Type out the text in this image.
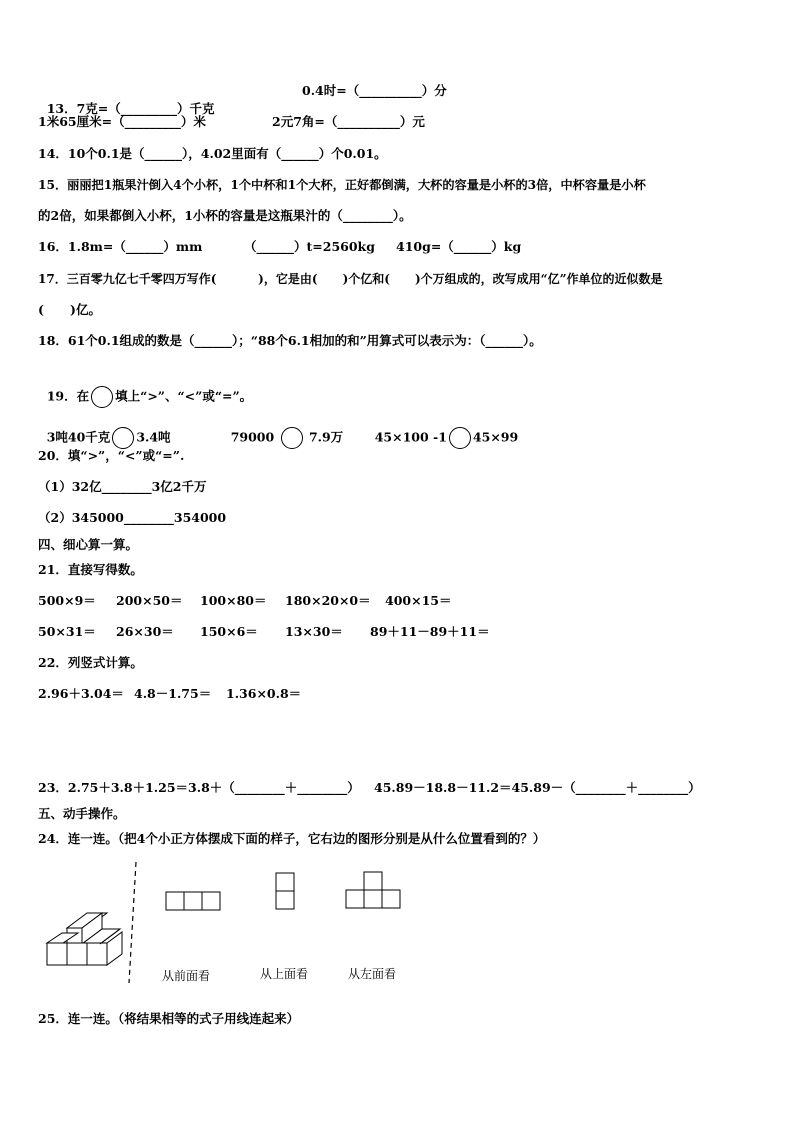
13．7克=（_________）千克

0.4时=（__________）分
1米65厘米=（_________）米	2元7角=（__________）元
14．10个0.1是（______），4.02里面有（______）个0.01。
15．丽丽把1瓶果汁倒入4个小杯，1个中杯和1个大杯，正好都倒满，大杯的容量是小杯的3倍，中杯容量是小杯
的2倍，如果都倒入小杯，1小杯的容量是这瓶果汁的（________）。
16．1.8m=（______）mm	（______）t=2560kg 410g=（______）kg
17．三百零九亿七千零四万写作(          )，它是由(      )个亿和(      )个万组成的，改写成用“亿”作单位的近似数是
(      )亿。
18．61个0.1组成的数是（______）；“88个6.1相加的和”用算式可以表示为：（______）。

19．在 填上“>”、“<”或“=”。

3吨40千克 3.4吨	79000	7.9万	45×100 -1 45×99

20．填“>”，“<”或“=”.
（1）32亿________3亿2千万
（2）345000________354000
四、细心算一算。
21．直接写得数。
500×9＝ 200×50＝ 100×80＝ 180×20×0＝ 400×15＝
50×31＝ 26×30＝ 150×6＝ 13×30＝ 89＋11－89＋11＝
22．列竖式计算。
2.96＋3.04＝ 4.8－1.75＝ 1.36×0.8＝
23．2.75＋3.8＋1.25＝3.8＋（________＋________） 45.89－18.8－11.2＝45.89－（________＋________）
五、动手操作。
24．连一连。（把4个小正方体摆成下面的样子，它右边的图形分别是从什么位置看到的？）
从前面看	从上面看	从左面看
25．连一连。（将结果相等的式子用线连起来）
